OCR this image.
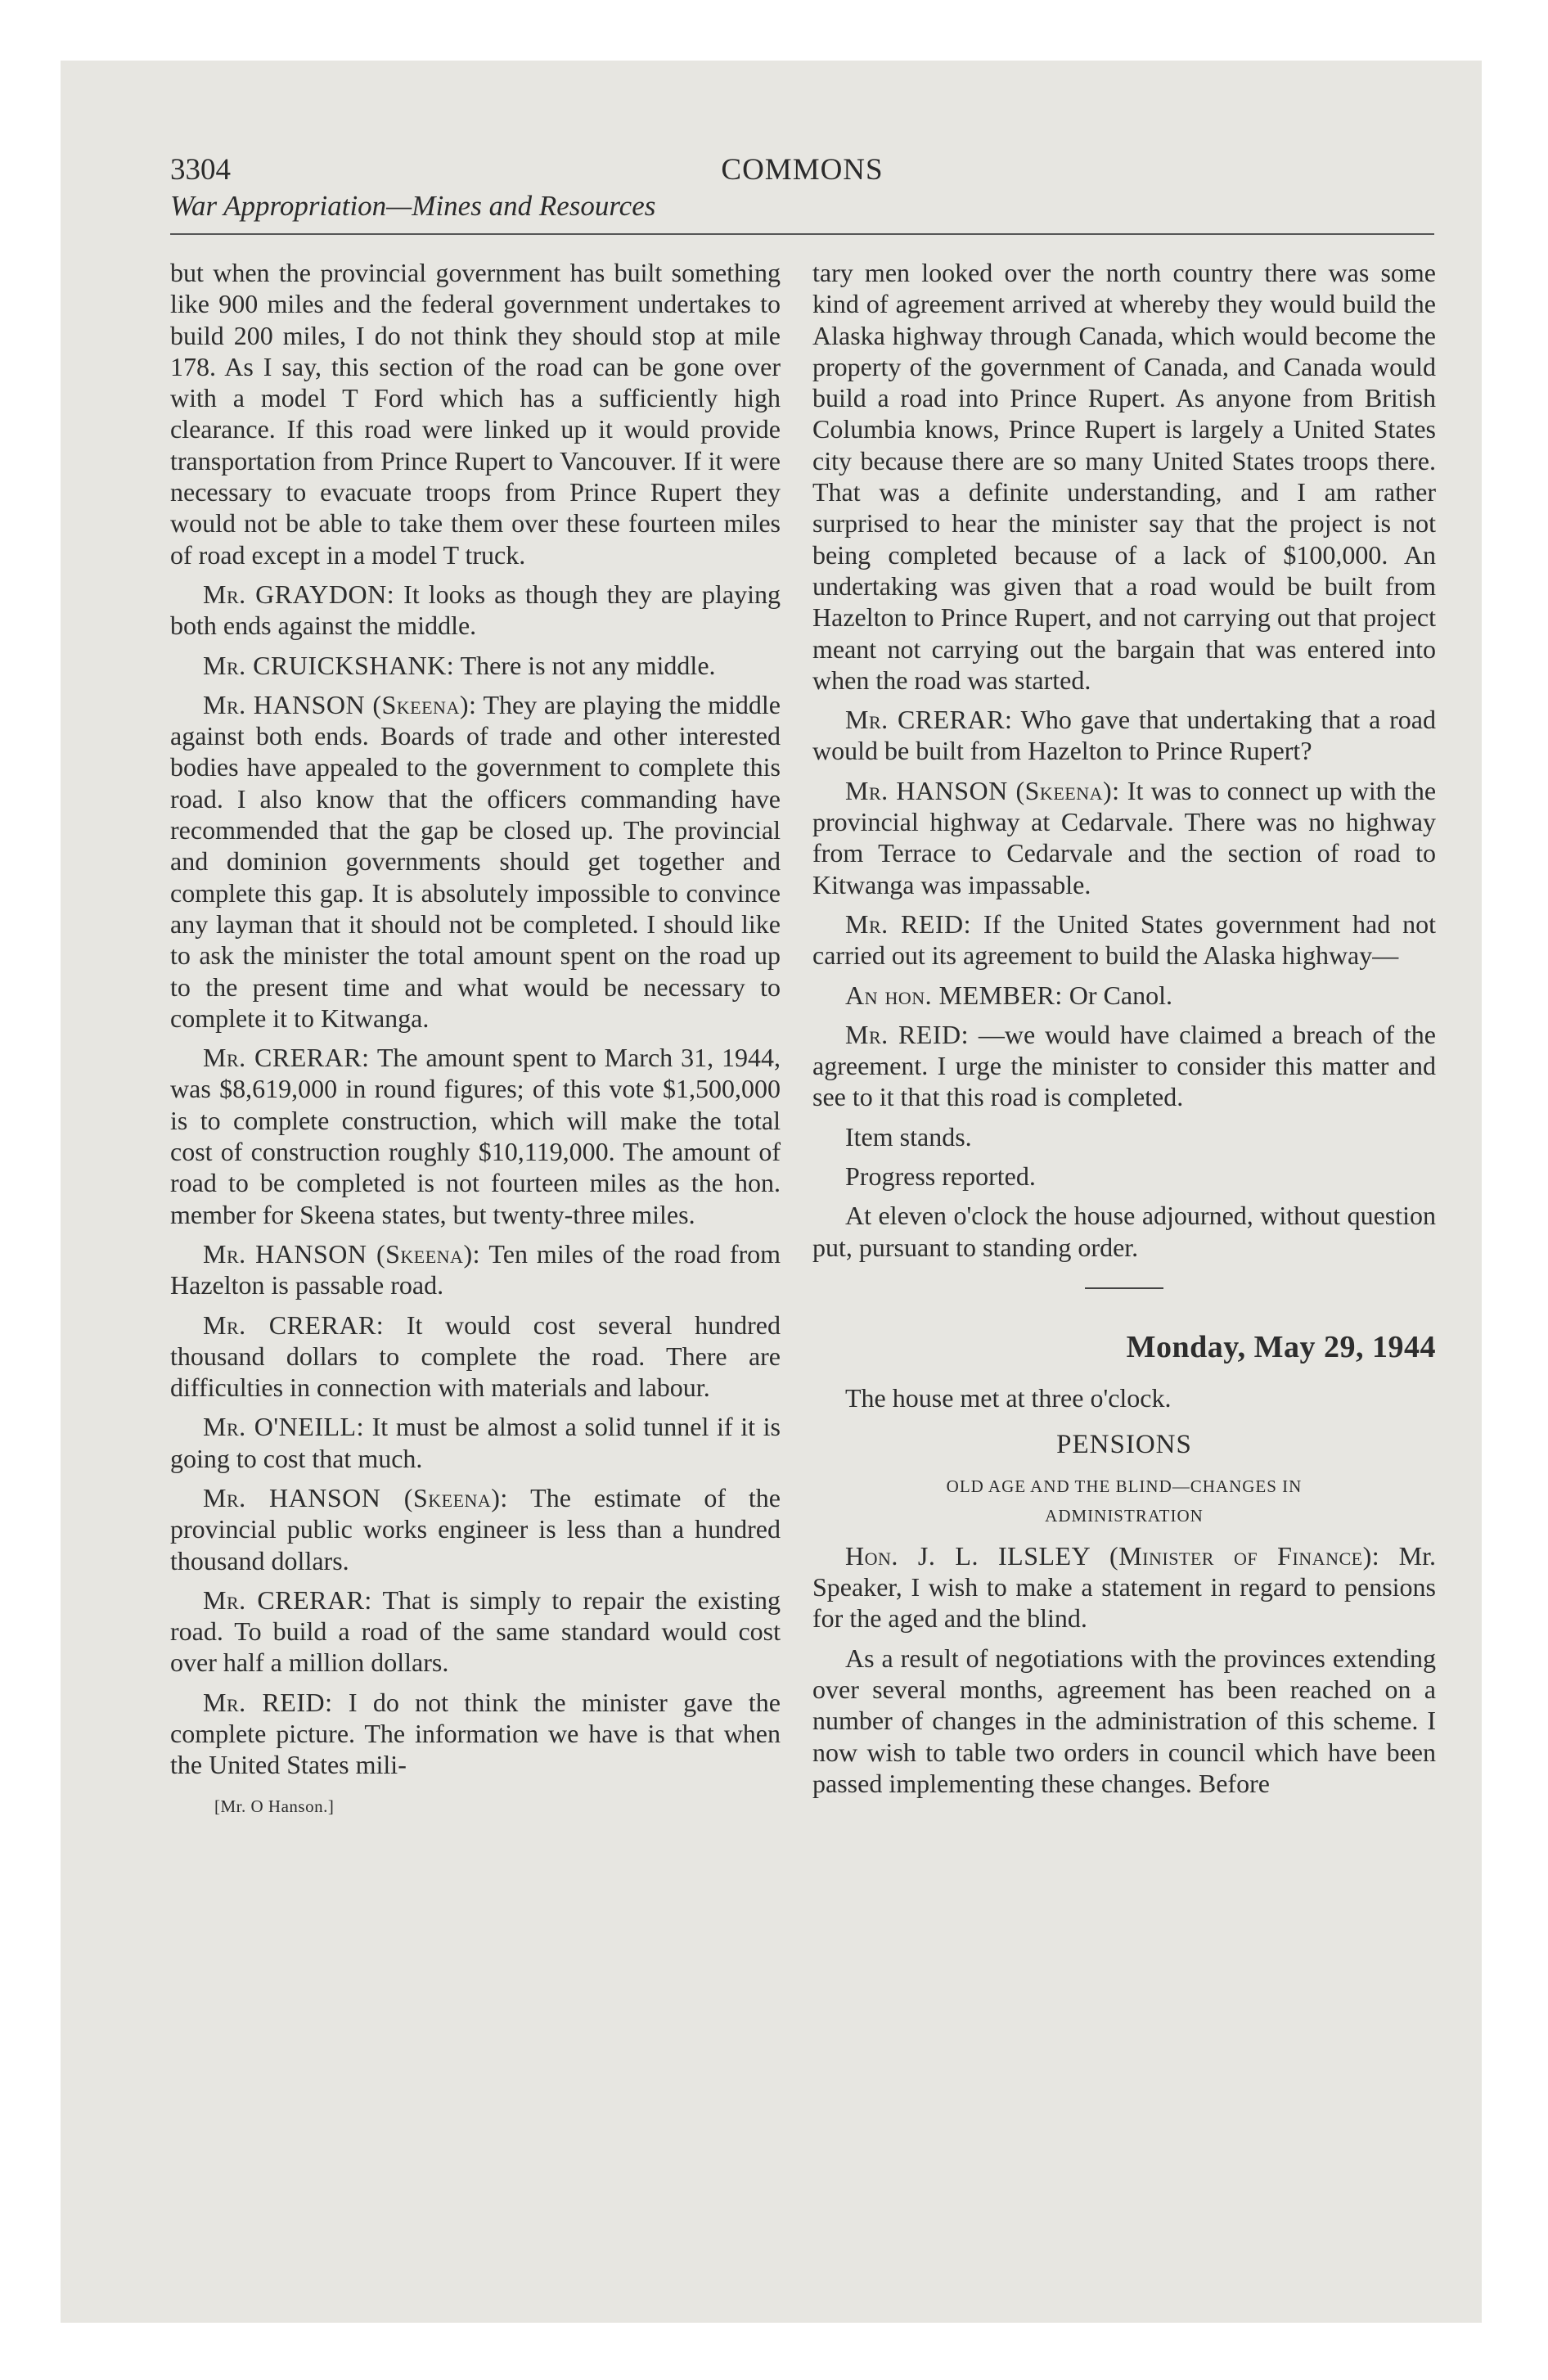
3304	COMMONS
War Appropriation—Mines and Resources

but when the provincial government has built something like 900 miles and the federal government undertakes to build 200 miles, I do not think they should stop at mile 178. As I say, this section of the road can be gone over with a model T Ford which has a sufficiently high clearance. If this road were linked up it would provide transportation from Prince Rupert to Vancouver. If it were necessary to evacuate troops from Prince Rupert they would not be able to take them over these fourteen miles of road except in a model T truck.

Mr. GRAYDON: It looks as though they are playing both ends against the middle.

Mr. CRUICKSHANK: There is not any middle.

Mr. HANSON (Skeena): They are playing the middle against both ends. Boards of trade and other interested bodies have appealed to the government to complete this road. I also know that the officers commanding have recommended that the gap be closed up. The provincial and dominion governments should get together and complete this gap. It is absolutely impossible to convince any layman that it should not be completed. I should like to ask the minister the total amount spent on the road up to the present time and what would be necessary to complete it to Kitwanga.

Mr. CRERAR: The amount spent to March 31, 1944, was $8,619,000 in round figures; of this vote $1,500,000 is to complete construction, which will make the total cost of construction roughly $10,119,000. The amount of road to be completed is not fourteen miles as the hon. member for Skeena states, but twenty-three miles.

Mr. HANSON (Skeena): Ten miles of the road from Hazelton is passable road.

Mr. CRERAR: It would cost several hundred thousand dollars to complete the road. There are difficulties in connection with materials and labour.

Mr. O'NEILL: It must be almost a solid tunnel if it is going to cost that much.

Mr. HANSON (Skeena): The estimate of the provincial public works engineer is less than a hundred thousand dollars.

Mr. CRERAR: That is simply to repair the existing road. To build a road of the same standard would cost over half a million dollars.

Mr. REID: I do not think the minister gave the complete picture. The information we have is that when the United States mili-

[Mr. O Hanson.]

tary men looked over the north country there was some kind of agreement arrived at whereby they would build the Alaska highway through Canada, which would become the property of the government of Canada, and Canada would build a road into Prince Rupert. As anyone from British Columbia knows, Prince Rupert is largely a United States city because there are so many United States troops there. That was a definite understanding, and I am rather surprised to hear the minister say that the project is not being completed because of a lack of $100,000. An undertaking was given that a road would be built from Hazelton to Prince Rupert, and not carrying out that project meant not carrying out the bargain that was entered into when the road was started.

Mr. CRERAR: Who gave that undertaking that a road would be built from Hazelton to Prince Rupert?

Mr. HANSON (Skeena): It was to connect up with the provincial highway at Cedarvale. There was no highway from Terrace to Cedarvale and the section of road to Kitwanga was impassable.

Mr. REID: If the United States government had not carried out its agreement to build the Alaska highway—

An hon. MEMBER: Or Canol.

Mr. REID: —we would have claimed a breach of the agreement. I urge the minister to consider this matter and see to it that this road is completed.

Item stands.

Progress reported.

At eleven o'clock the house adjourned, without question put, pursuant to standing order.

Monday, May 29, 1944

The house met at three o'clock.

PENSIONS
OLD AGE AND THE BLIND—CHANGES IN
ADMINISTRATION

Hon. J. L. ILSLEY (Minister of Finance): Mr. Speaker, I wish to make a statement in regard to pensions for the aged and the blind.

As a result of negotiations with the provinces extending over several months, agreement has been reached on a number of changes in the administration of this scheme. I now wish to table two orders in council which have been passed implementing these changes. Before
